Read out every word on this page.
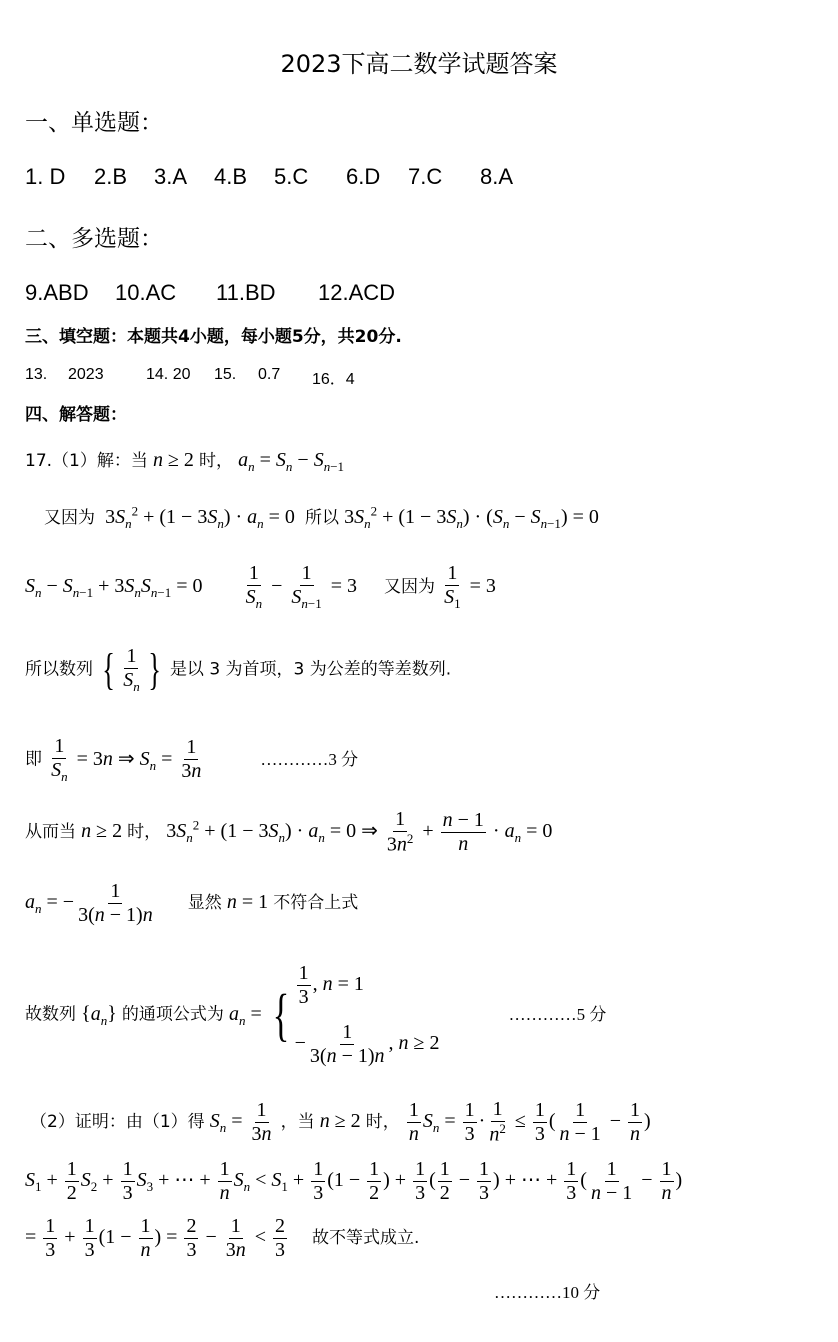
2023下高二数学试题答案
一、单选题：
1. D 2.B 3.A 4.B 5.C 6.D 7.C 8.A
二、多选题：
9.ABD 10.AC 11.BD 12.ACD
三、填空题：本题共4小题，每小题5分，共20分.
13. 2023	14. 20 15. 0.7 16．4
四、解答题：
17.（1）解：当 n ≥ 2 时， $a_n = S_n - S_{n-1}$
又因为  $3S_n^2 + (1 - 3S_n) \cdot a_n = 0$  所以 $3S_n^2 + (1 - 3S_n) \cdot (S_n - S_{n-1}) = 0$
$S_n - S_{n-1} + 3S_nS_{n-1} = 0 \frac{1}{S_n} - \frac{1}{S_{n-1}} = 3$ 又因为 $\frac{1}{S_1} = 3$
所以数列 { $\frac{1}{S_n}$ } 是以 3 为首项，3 为公差的等差数列.
即 $\frac{1}{S_n} = 3n$ ⇒ $S_n = \frac{1}{3n}$	…………3 分
从而当 n ≥ 2 时， $3S_n^2 + (1 - 3S_n) \cdot a_n = 0$ ⇒ $\frac{1}{3n^2} + \frac{n - 1}{n} \cdot a_n = 0$
$a_n$ = − $\frac{1}{3(n - 1)n}$ 显然 n = 1 不符合上式
故数列 $\{a_n\}$ 的通项公式为 $a_n$ = { $\frac{1}{3}$ , n = 1
− $\frac{1}{3(n - 1)n}$ , n ≥ 2
…………5 分
（2）证明：由（1）得 $S_n = \frac{1}{3n}$ ，当 n ≥ 2 时， $\frac{1}{n} S_n = \frac{1}{3} \cdot \frac{1}{n^2} \le \frac{1}{3}$ ( $\frac{1}{n - 1} - \frac{1}{n}$ )
$S_1 + \frac{1}{2} S_2 + \frac{1}{3} S_3$ + ⋯ + $\frac{1}{n} S_n < S_1 + \frac{1}{3} (1 - \frac{1}{2}$ ) + $\frac{1}{3}$ ( $\frac{1}{2} - \frac{1}{3}$ ) + ⋯ + $\frac{1}{3}$ ( $\frac{1}{n - 1} - \frac{1}{n}$ )
= $\frac{1}{3} + \frac{1}{3} (1 - \frac{1}{n}$ ) = $\frac{2}{3} - \frac{1}{3n} < \frac{2}{3}$ 故不等式成立.
…………10 分
